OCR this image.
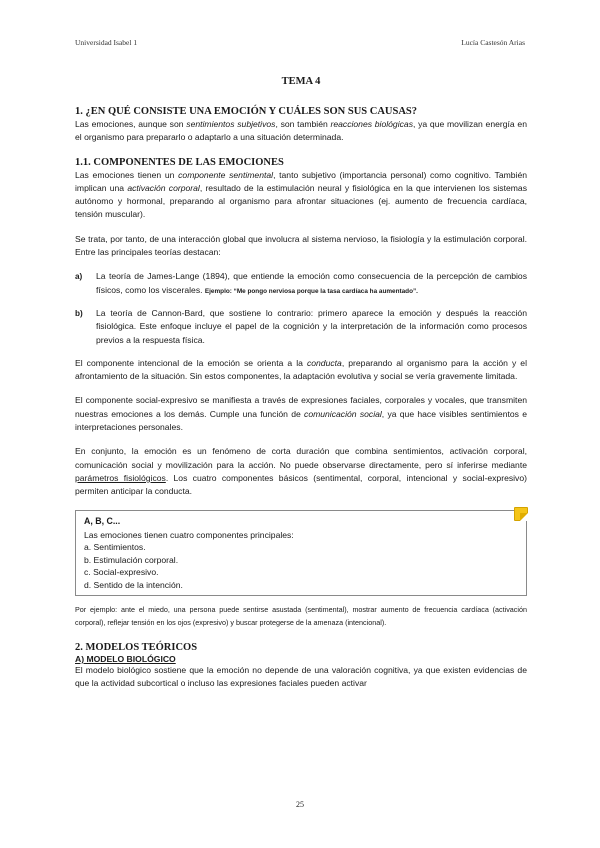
Universidad Isabel 1	Lucía Castesón Arias
TEMA 4
1. ¿EN QUÉ CONSISTE UNA EMOCIÓN Y CUÁLES SON SUS CAUSAS?

Las emociones, aunque son sentimientos subjetivos, son también reacciones biológicas, ya que movilizan energía en el organismo para prepararlo o adaptarlo a una situación determinada.

1.1. COMPONENTES DE LAS EMOCIONES

Las emociones tienen un componente sentimental, tanto subjetivo (importancia personal) como cognitivo. También implican una activación corporal, resultado de la estimulación neural y fisiológica en la que intervienen los sistemas autónomo y hormonal, preparando al organismo para afrontar situaciones (ej. aumento de frecuencia cardíaca, tensión muscular).

Se trata, por tanto, de una interacción global que involucra al sistema nervioso, la fisiología y la estimulación corporal. Entre las principales teorías destacan:

a) La teoría de James-Lange (1894), que entiende la emoción como consecuencia de la percepción de cambios físicos, como los viscerales. Ejemplo: “Me pongo nerviosa porque la tasa cardíaca ha aumentado”.
b) La teoría de Cannon-Bard, que sostiene lo contrario: primero aparece la emoción y después la reacción fisiológica. Este enfoque incluye el papel de la cognición y la interpretación de la información como procesos previos a la respuesta física.

El componente intencional de la emoción se orienta a la conducta, preparando al organismo para la acción y el afrontamiento de la situación. Sin estos componentes, la adaptación evolutiva y social se vería gravemente limitada.

El componente social-expresivo se manifiesta a través de expresiones faciales, corporales y vocales, que transmiten nuestras emociones a los demás. Cumple una función de comunicación social, ya que hace visibles sentimientos e interpretaciones personales.

En conjunto, la emoción es un fenómeno de corta duración que combina sentimientos, activación corporal, comunicación social y movilización para la acción. No puede observarse directamente, pero sí inferirse mediante parámetros fisiológicos. Los cuatro componentes básicos (sentimental, corporal, intencional y social-expresivo) permiten anticipar la conducta.

A, B, C...
Las emociones tienen cuatro componentes principales:
a. Sentimientos.
b. Estimulación corporal.
c. Social-expresivo.
d. Sentido de la intención.

Por ejemplo: ante el miedo, una persona puede sentirse asustada (sentimental), mostrar aumento de frecuencia cardíaca (activación corporal), reflejar tensión en los ojos (expresivo) y buscar protegerse de la amenaza (intencional).

2. MODELOS TEÓRICOS
A) MODELO BIOLÓGICO

El modelo biológico sostiene que la emoción no depende de una valoración cognitiva, ya que existen evidencias de que la actividad subcortical o incluso las expresiones faciales pueden activar

25
